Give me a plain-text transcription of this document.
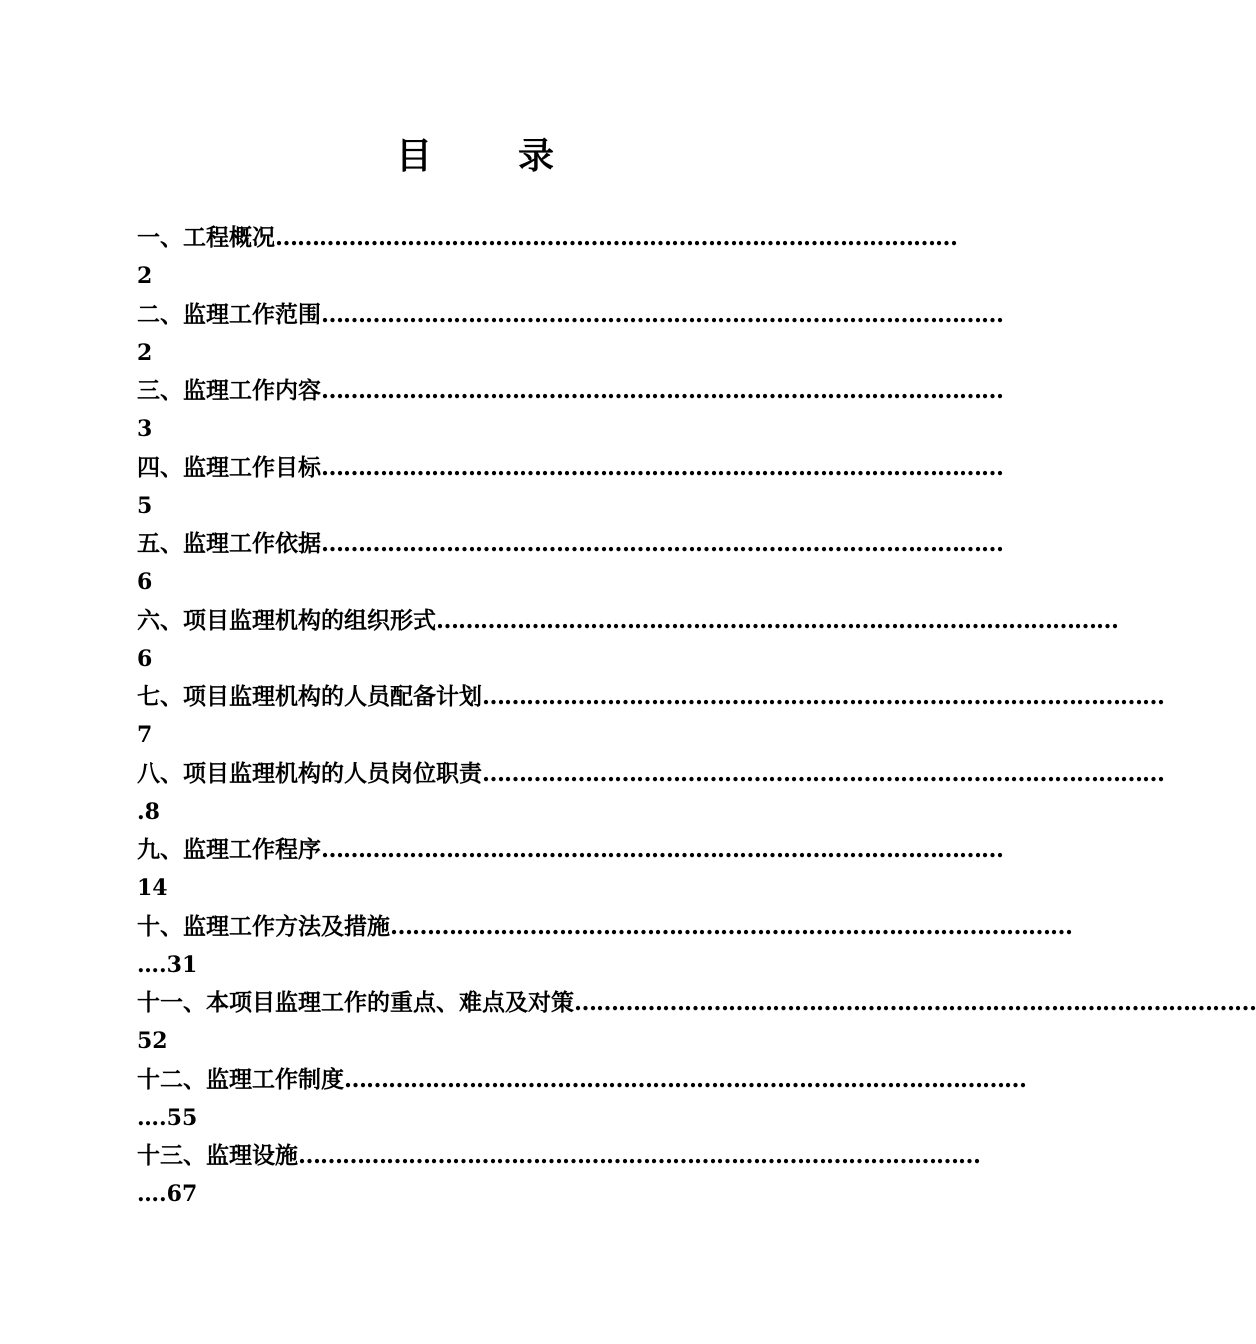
目 录
一、工程概况 …………………………………………………………………………………
2
二、监理工作范围 …………………………………………………………………………………
2
三、监理工作内容 …………………………………………………………………………………
3
四、监理工作目标 …………………………………………………………………………………
5
五、监理工作依据 …………………………………………………………………………………
6
六、项目监理机构的组织形式 …………………………………………………………………………………
6
七、项目监理机构的人员配备计划 …………………………………………………………………………………
7
八、项目监理机构的人员岗位职责 …………………………………………………………………………………
.8
九、监理工作程序 …………………………………………………………………………………
14
十、监理工作方法及措施 …………………………………………………………………………………
….31
十一、本项目监理工作的重点、难点及对策 …………………………………………………………………………………
52
十二、监理工作制度 …………………………………………………………………………………
….55
十三、监理设施 …………………………………………………………………………………
….67
